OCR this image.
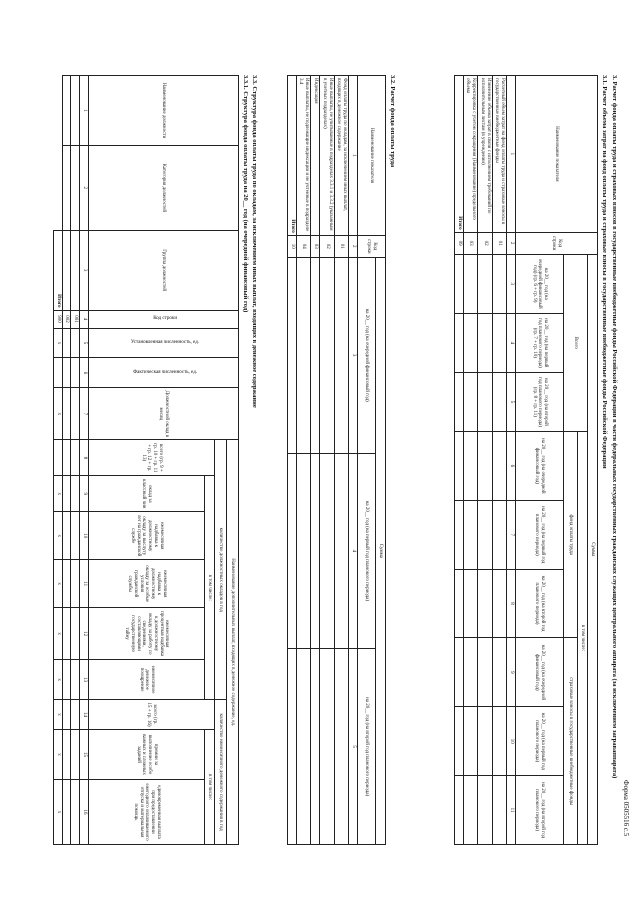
Форма 0505516 с.5
3. Расчет фонда оплаты труда и страховых взносов в государственные внебюджетные фонды Российской Федерации в части федеральных государственных гражданских служащих центрального аппарата (за исключением заграваппарата)
3.1. Расчет объема затрат на фонд оплаты труда и страховые взносы в государственные внебюджетные фонды Российской Федерации
Наименование показателя	Код строки	Сумма								
		Всего			в том числе:					
					фонд оплаты труда			страховые взносы в государственные внебюджетные фонды		
		на 20__ год (на очередной финансовый год) (гр. 6 + гр. 9)	на 20__ год (на первый год планового периода) (гр. 7 + гр. 10)	на 20__ год (на второй год планового периода) (гр. 8 + гр. 11)	на 20__ год (на очередной финансовый год)	на 20__ год (на первый год планового периода)	на 20__ год (на второй год планового периода)	на 20__ год (на очередной финансовый год)	на 20__ год (на первый год планового периода)	на 20__ год (на второй год планового периода)
1	2	3	4	5	6	7	8	9	10	11
Расчетный объем затрат на фонд оплаты труда и страховые взносы в государственные внебюджетные фонды	01									
Изменение объема затрат в связи с исполнением требований по исполнительным листам (в учреждении)	02									
Корректировка с учетом сокращения (Наименование) предельного объема	03									
Итого	09									
3.2. Расчет фонда оплаты труда
Наименование показателя	Код строки	Сумма		
		на 20__ год (на очередной финансовый год)	на 20__ год (на первый год планового периода)	на 20__ год (на второй год планового периода)
1	2	3	4	5
Фонд оплаты труда по окладам, за исключением иных выплат, входящих в денежное содержание	01			
Иные выплаты, не учитываемые в подразделах 3.3.1 и 3.3.2 (указанным в учетных подразделах)	02			
Индексация	03			
Иные выплаты, не подлежащие индексации и не учтенные в подразделе 3.4	04			
Итого	10			
3.3. Структура фонда оплаты труда по окладам, за исключением иных выплат, входящих в денежное содержание
3.3.1. Структура фонда оплаты труда на 20__ год (на очередной финансовый год)
Наименование должности	Категория должностей	Группа должностей	Код строки	Установленная численность, ед.	Фактическая численность, ед.	Должностной оклад в месяц	Наименование дополнительных выплат, входящих в денежное содержание, ед.								
							количество должностных окладов в год						количество ежемесячного денежного содержания в год		
							всего (гр. 9 + гр. 10 + гр. 11 + гр. 12 + гр. 13)	в том числе:					всего (гр. 15 + гр. 16)	в том числе:	
								оклад за классный чин	ежемесячная надбавка к должностному окладу за выслугу лет на гражданской службе	ежемесячная надбавка к должностному окладу за особые условия гражданской службы	ежемесячная процентная надбавка к должностному окладу за работу со сведениями, составляющими государственную тайну	ежемесячное денежное поощрение		премии за выполнение особо важных и сложных заданий	единовременная выплата при предоставлении ежегодного оплачиваемого отпуска и материальная помощь
1	2	3	4	5	6	7	8	9	10	11	12	13	14	15	16
			001												
			002												
		Итого	900	x		x		x	x	x	x	x	x	x	x
